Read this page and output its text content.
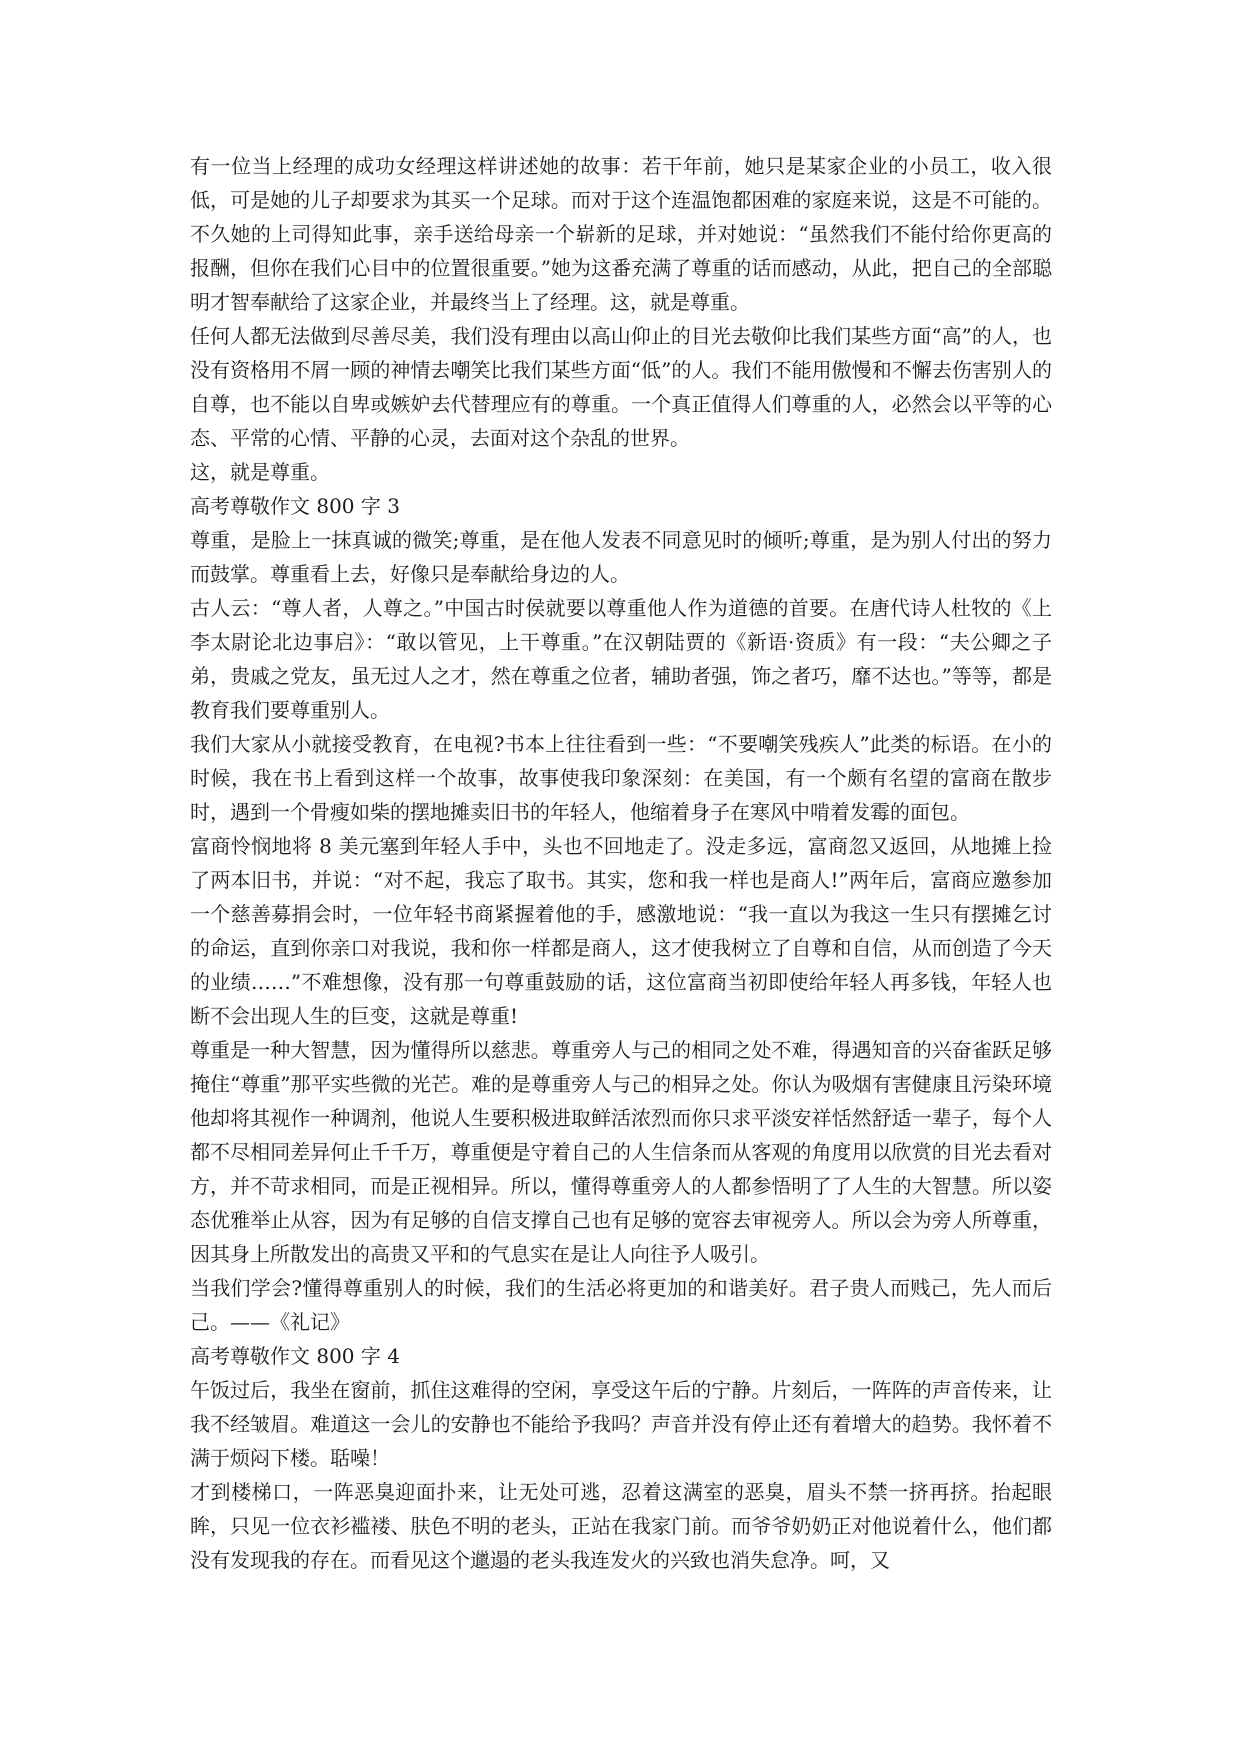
有一位当上经理的成功女经理这样讲述她的故事：若干年前，她只是某家企业的小员工，收入很低，可是她的儿子却要求为其买一个足球。而对于这个连温饱都困难的家庭来说，这是不可能的。不久她的上司得知此事，亲手送给母亲一个崭新的足球，并对她说：“虽然我们不能付给你更高的报酬，但你在我们心目中的位置很重要。”她为这番充满了尊重的话而感动，从此，把自己的全部聪明才智奉献给了这家企业，并最终当上了经理。这，就是尊重。

任何人都无法做到尽善尽美，我们没有理由以高山仰止的目光去敬仰比我们某些方面“高”的人，也没有资格用不屑一顾的神情去嘲笑比我们某些方面“低”的人。我们不能用傲慢和不懈去伤害别人的自尊，也不能以自卑或嫉妒去代替理应有的尊重。一个真正值得人们尊重的人，必然会以平等的心态、平常的心情、平静的心灵，去面对这个杂乱的世界。

这，就是尊重。

高考尊敬作文 800 字 3

尊重，是脸上一抹真诚的微笑;尊重，是在他人发表不同意见时的倾听;尊重，是为别人付出的努力而鼓掌。尊重看上去，好像只是奉献给身边的人。

古人云：“尊人者，人尊之。”中国古时侯就要以尊重他人作为道德的首要。在唐代诗人杜牧的《上李太尉论北边事启》：“敢以管见，上干尊重。”在汉朝陆贾的《新语·资质》有一段：“夫公卿之子弟，贵戚之党友，虽无过人之才，然在尊重之位者，辅助者强，饰之者巧，靡不达也。”等等，都是教育我们要尊重别人。

我们大家从小就接受教育，在电视?书本上往往看到一些：“不要嘲笑残疾人”此类的标语。在小的时候，我在书上看到这样一个故事，故事使我印象深刻：在美国，有一个颇有名望的富商在散步时，遇到一个骨瘦如柴的摆地摊卖旧书的年轻人，他缩着身子在寒风中啃着发霉的面包。

富商怜悯地将 8 美元塞到年轻人手中，头也不回地走了。没走多远，富商忽又返回，从地摊上捡了两本旧书，并说：“对不起，我忘了取书。其实，您和我一样也是商人!”两年后，富商应邀参加一个慈善募捐会时，一位年轻书商紧握着他的手，感激地说：“我一直以为我这一生只有摆摊乞讨的命运，直到你亲口对我说，我和你一样都是商人，这才使我树立了自尊和自信，从而创造了今天的业绩……”不难想像，没有那一句尊重鼓励的话，这位富商当初即使给年轻人再多钱，年轻人也断不会出现人生的巨变，这就是尊重!

尊重是一种大智慧，因为懂得所以慈悲。尊重旁人与己的相同之处不难，得遇知音的兴奋雀跃足够掩住“尊重”那平实些微的光芒。难的是尊重旁人与己的相异之处。你认为吸烟有害健康且污染环境他却将其视作一种调剂，他说人生要积极进取鲜活浓烈而你只求平淡安祥恬然舒适一辈子，每个人都不尽相同差异何止千千万，尊重便是守着自己的人生信条而从客观的角度用以欣赏的目光去看对方，并不苛求相同，而是正视相异。所以，懂得尊重旁人的人都参悟明了了人生的大智慧。所以姿态优雅举止从容，因为有足够的自信支撑自己也有足够的宽容去审视旁人。所以会为旁人所尊重，因其身上所散发出的高贵又平和的气息实在是让人向往予人吸引。

当我们学会?懂得尊重别人的时候，我们的生活必将更加的和谐美好。君子贵人而贱己，先人而后己。——《礼记》

高考尊敬作文 800 字 4

午饭过后，我坐在窗前，抓住这难得的空闲，享受这午后的宁静。片刻后，一阵阵的声音传来，让我不经皱眉。难道这一会儿的安静也不能给予我吗？声音并没有停止还有着增大的趋势。我怀着不满于烦闷下楼。聒噪！

才到楼梯口，一阵恶臭迎面扑来，让无处可逃，忍着这满室的恶臭，眉头不禁一挤再挤。抬起眼眸，只见一位衣衫褴褛、肤色不明的老头，正站在我家门前。而爷爷奶奶正对他说着什么，他们都没有发现我的存在。而看见这个邋遢的老头我连发火的兴致也消失怠净。呵，又
